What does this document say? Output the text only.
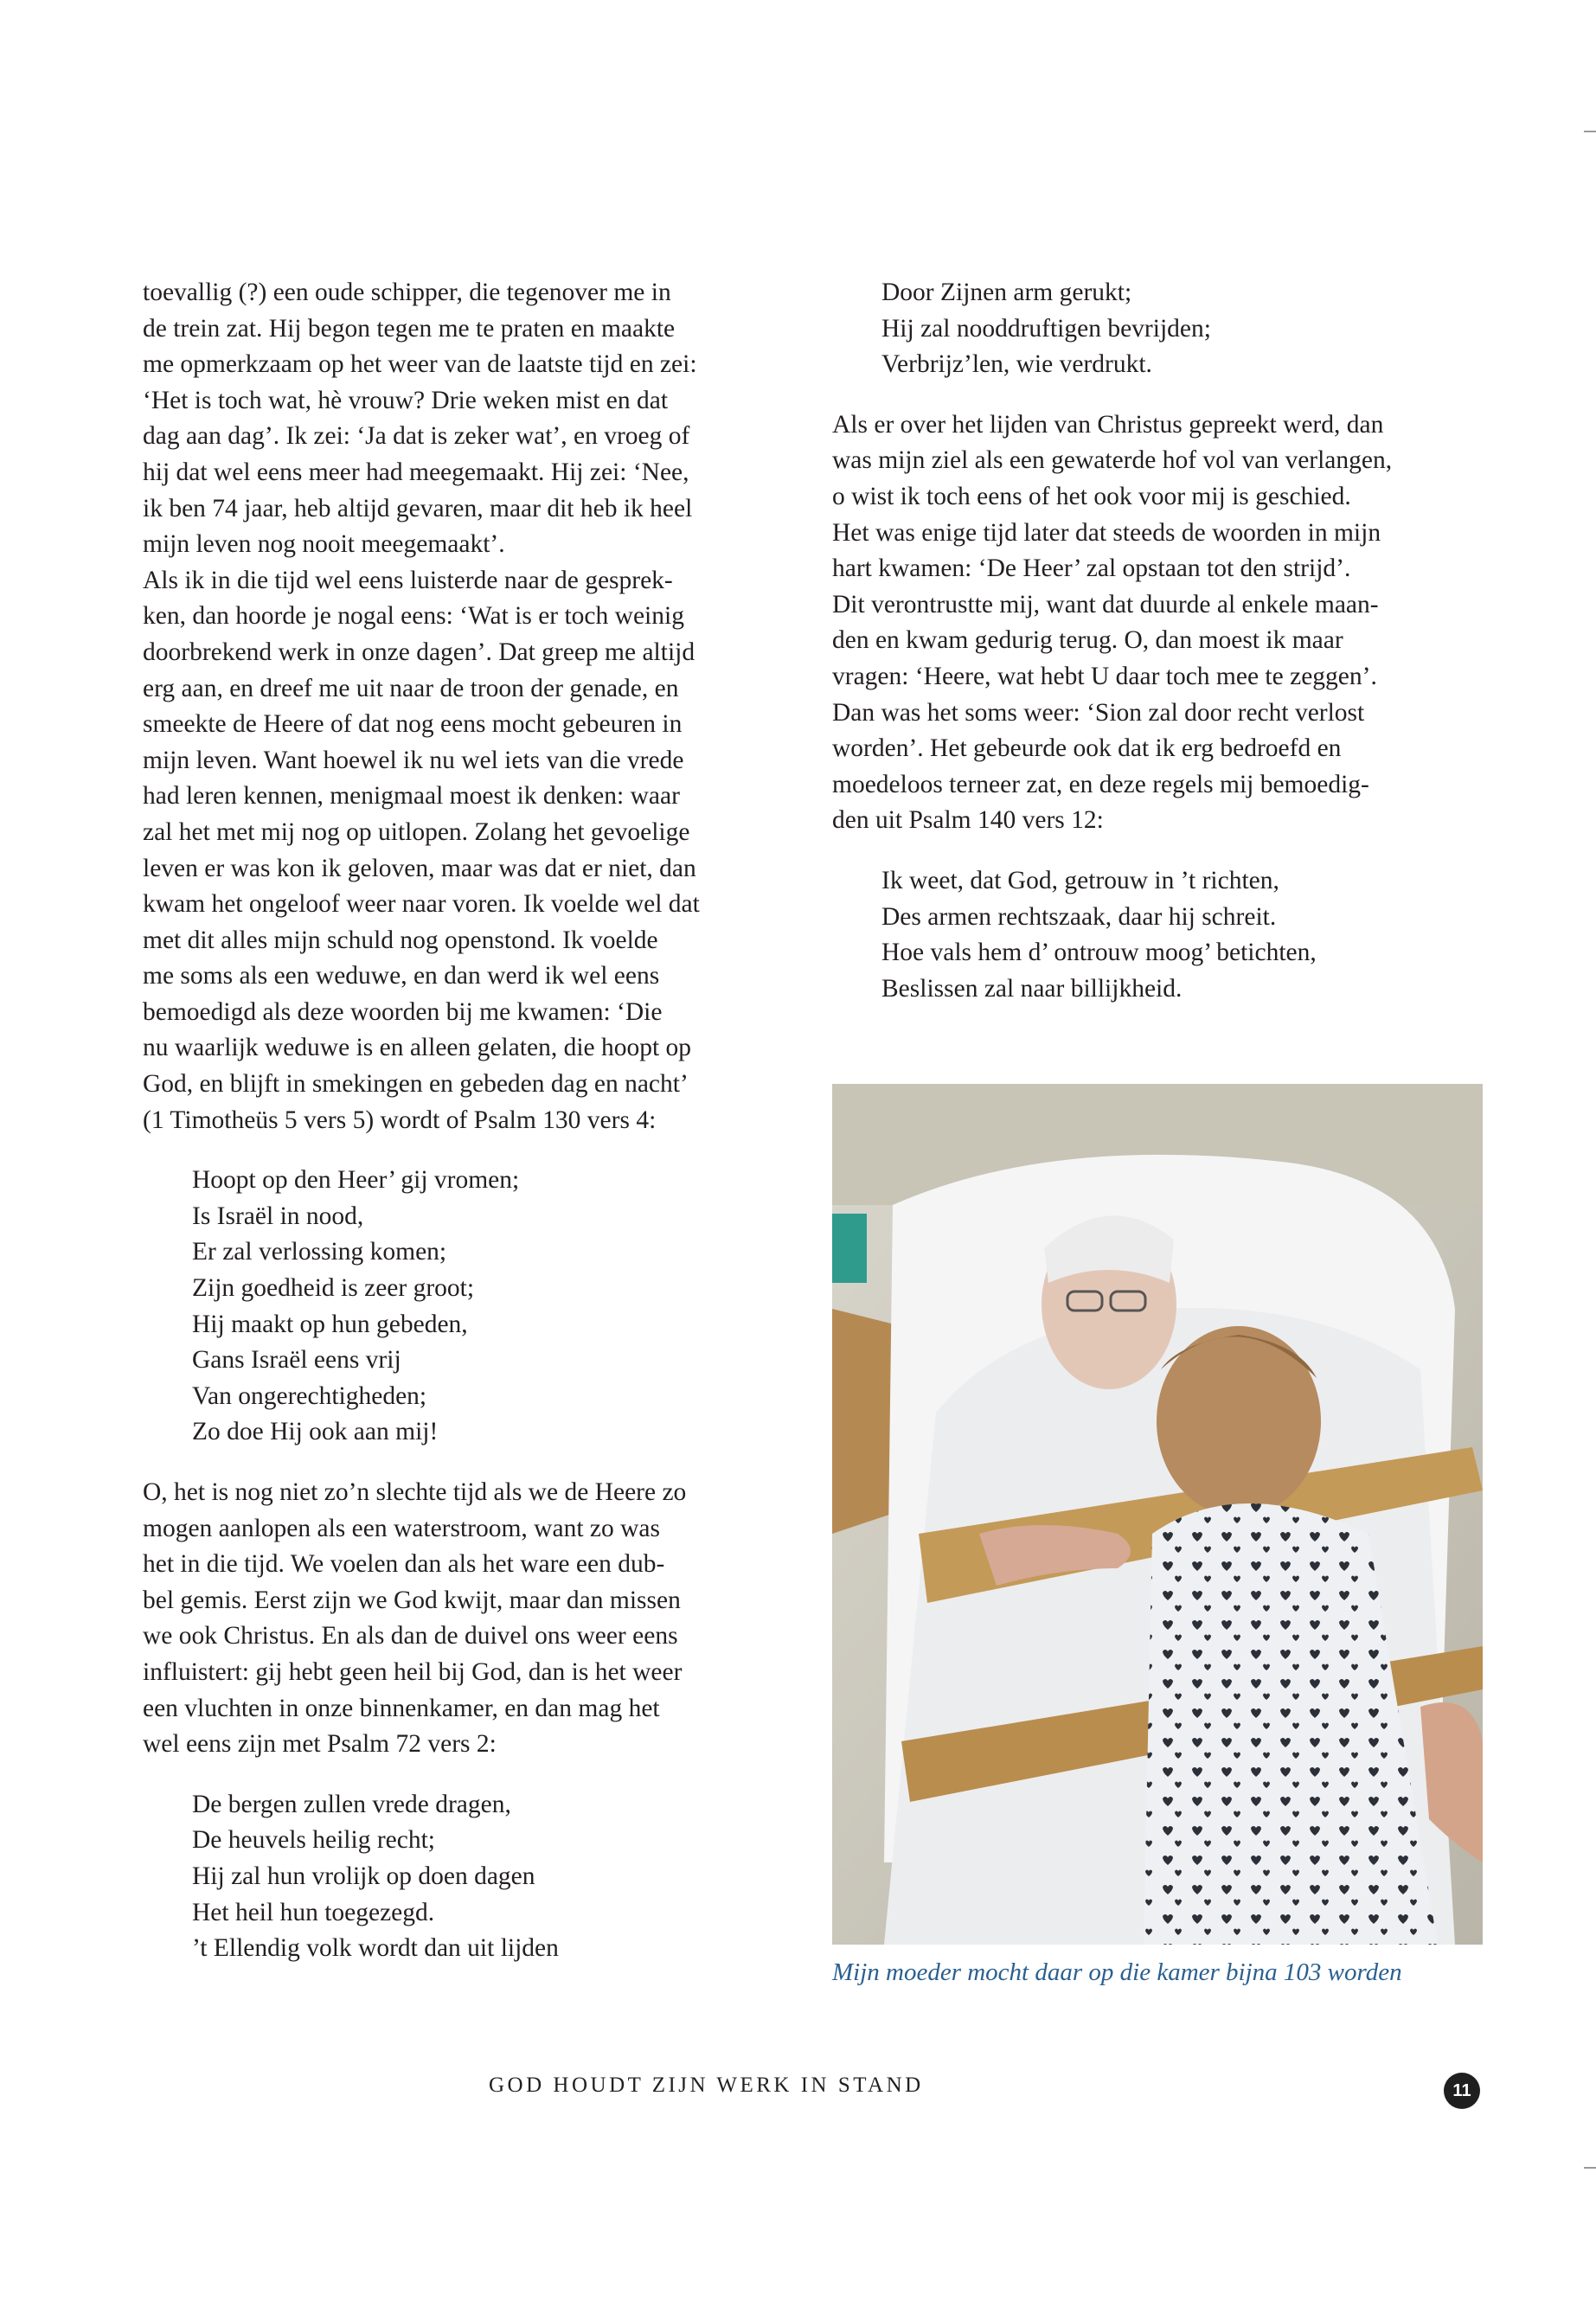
toevallig (?) een oude schipper, die tegenover me in
de trein zat. Hij begon tegen me te praten en maakte
me opmerkzaam op het weer van de laatste tijd en zei:
‘Het is toch wat, hè vrouw? Drie weken mist en dat
dag aan dag’. Ik zei: ‘Ja dat is zeker wat’, en vroeg of
hij dat wel eens meer had meegemaakt. Hij zei: ‘Nee,
ik ben 74 jaar, heb altijd gevaren, maar dit heb ik heel
mijn leven nog nooit meegemaakt’.

Als ik in die tijd wel eens luisterde naar de gesprek-
ken, dan hoorde je nogal eens: ‘Wat is er toch weinig
doorbrekend werk in onze dagen’. Dat greep me altijd
erg aan, en dreef me uit naar de troon der genade, en
smeekte de Heere of dat nog eens mocht gebeuren in
mijn leven. Want hoewel ik nu wel iets van die vrede
had leren kennen, menigmaal moest ik denken: waar
zal het met mij nog op uitlopen. Zolang het gevoelige
leven er was kon ik geloven, maar was dat er niet, dan
kwam het ongeloof weer naar voren. Ik voelde wel dat
met dit alles mijn schuld nog openstond. Ik voelde
me soms als een weduwe, en dan werd ik wel eens
bemoedigd als deze woorden bij me kwamen: ‘Die
nu waarlijk weduwe is en alleen gelaten, die hoopt op
God, en blijft in smekingen en gebeden dag en nacht’
(1 Timotheüs 5 vers 5) wordt of Psalm 130 vers 4:

Hoopt op den Heer’ gij vromen;
Is Israël in nood,
Er zal verlossing komen;
Zijn goedheid is zeer groot;
Hij maakt op hun gebeden,
Gans Israël eens vrij
Van ongerechtigheden;
Zo doe Hij ook aan mij!

O, het is nog niet zo’n slechte tijd als we de Heere zo
mogen aanlopen als een waterstroom, want zo was
het in die tijd. We voelen dan als het ware een dub-
bel gemis. Eerst zijn we God kwijt, maar dan missen
we ook Christus. En als dan de duivel ons weer eens
influistert: gij hebt geen heil bij God, dan is het weer
een vluchten in onze binnenkamer, en dan mag het
wel eens zijn met Psalm 72 vers 2:

De bergen zullen vrede dragen,
De heuvels heilig recht;
Hij zal hun vrolijk op doen dagen
Het heil hun toegezegd.
’t Ellendig volk wordt dan uit lijden
Door Zijnen arm gerukt;
Hij zal nooddruftigen bevrijden;
Verbrijz’len, wie verdrukt.

Als er over het lijden van Christus gepreekt werd, dan
was mijn ziel als een gewaterde hof vol van verlangen,
o wist ik toch eens of het ook voor mij is geschied.
Het was enige tijd later dat steeds de woorden in mijn
hart kwamen: ‘De Heer’ zal opstaan tot den strijd’.
Dit verontrustte mij, want dat duurde al enkele maan-
den en kwam gedurig terug. O, dan moest ik maar
vragen: ‘Heere, wat hebt U daar toch mee te zeggen’.
Dan was het soms weer: ‘Sion zal door recht verlost
worden’. Het gebeurde ook dat ik erg bedroefd en
moedeloos terneer zat, en deze regels mij bemoedig-
den uit Psalm 140 vers 12:

Ik weet, dat God, getrouw in ’t richten,
Des armen rechtszaak, daar hij schreit.
Hoe vals hem d’ ontrouw moog’ betichten,
Beslissen zal naar billijkheid.
Mijn moeder mocht daar op die kamer bijna 103 worden
GOD HOUDT ZIJN WERK IN STAND	11
